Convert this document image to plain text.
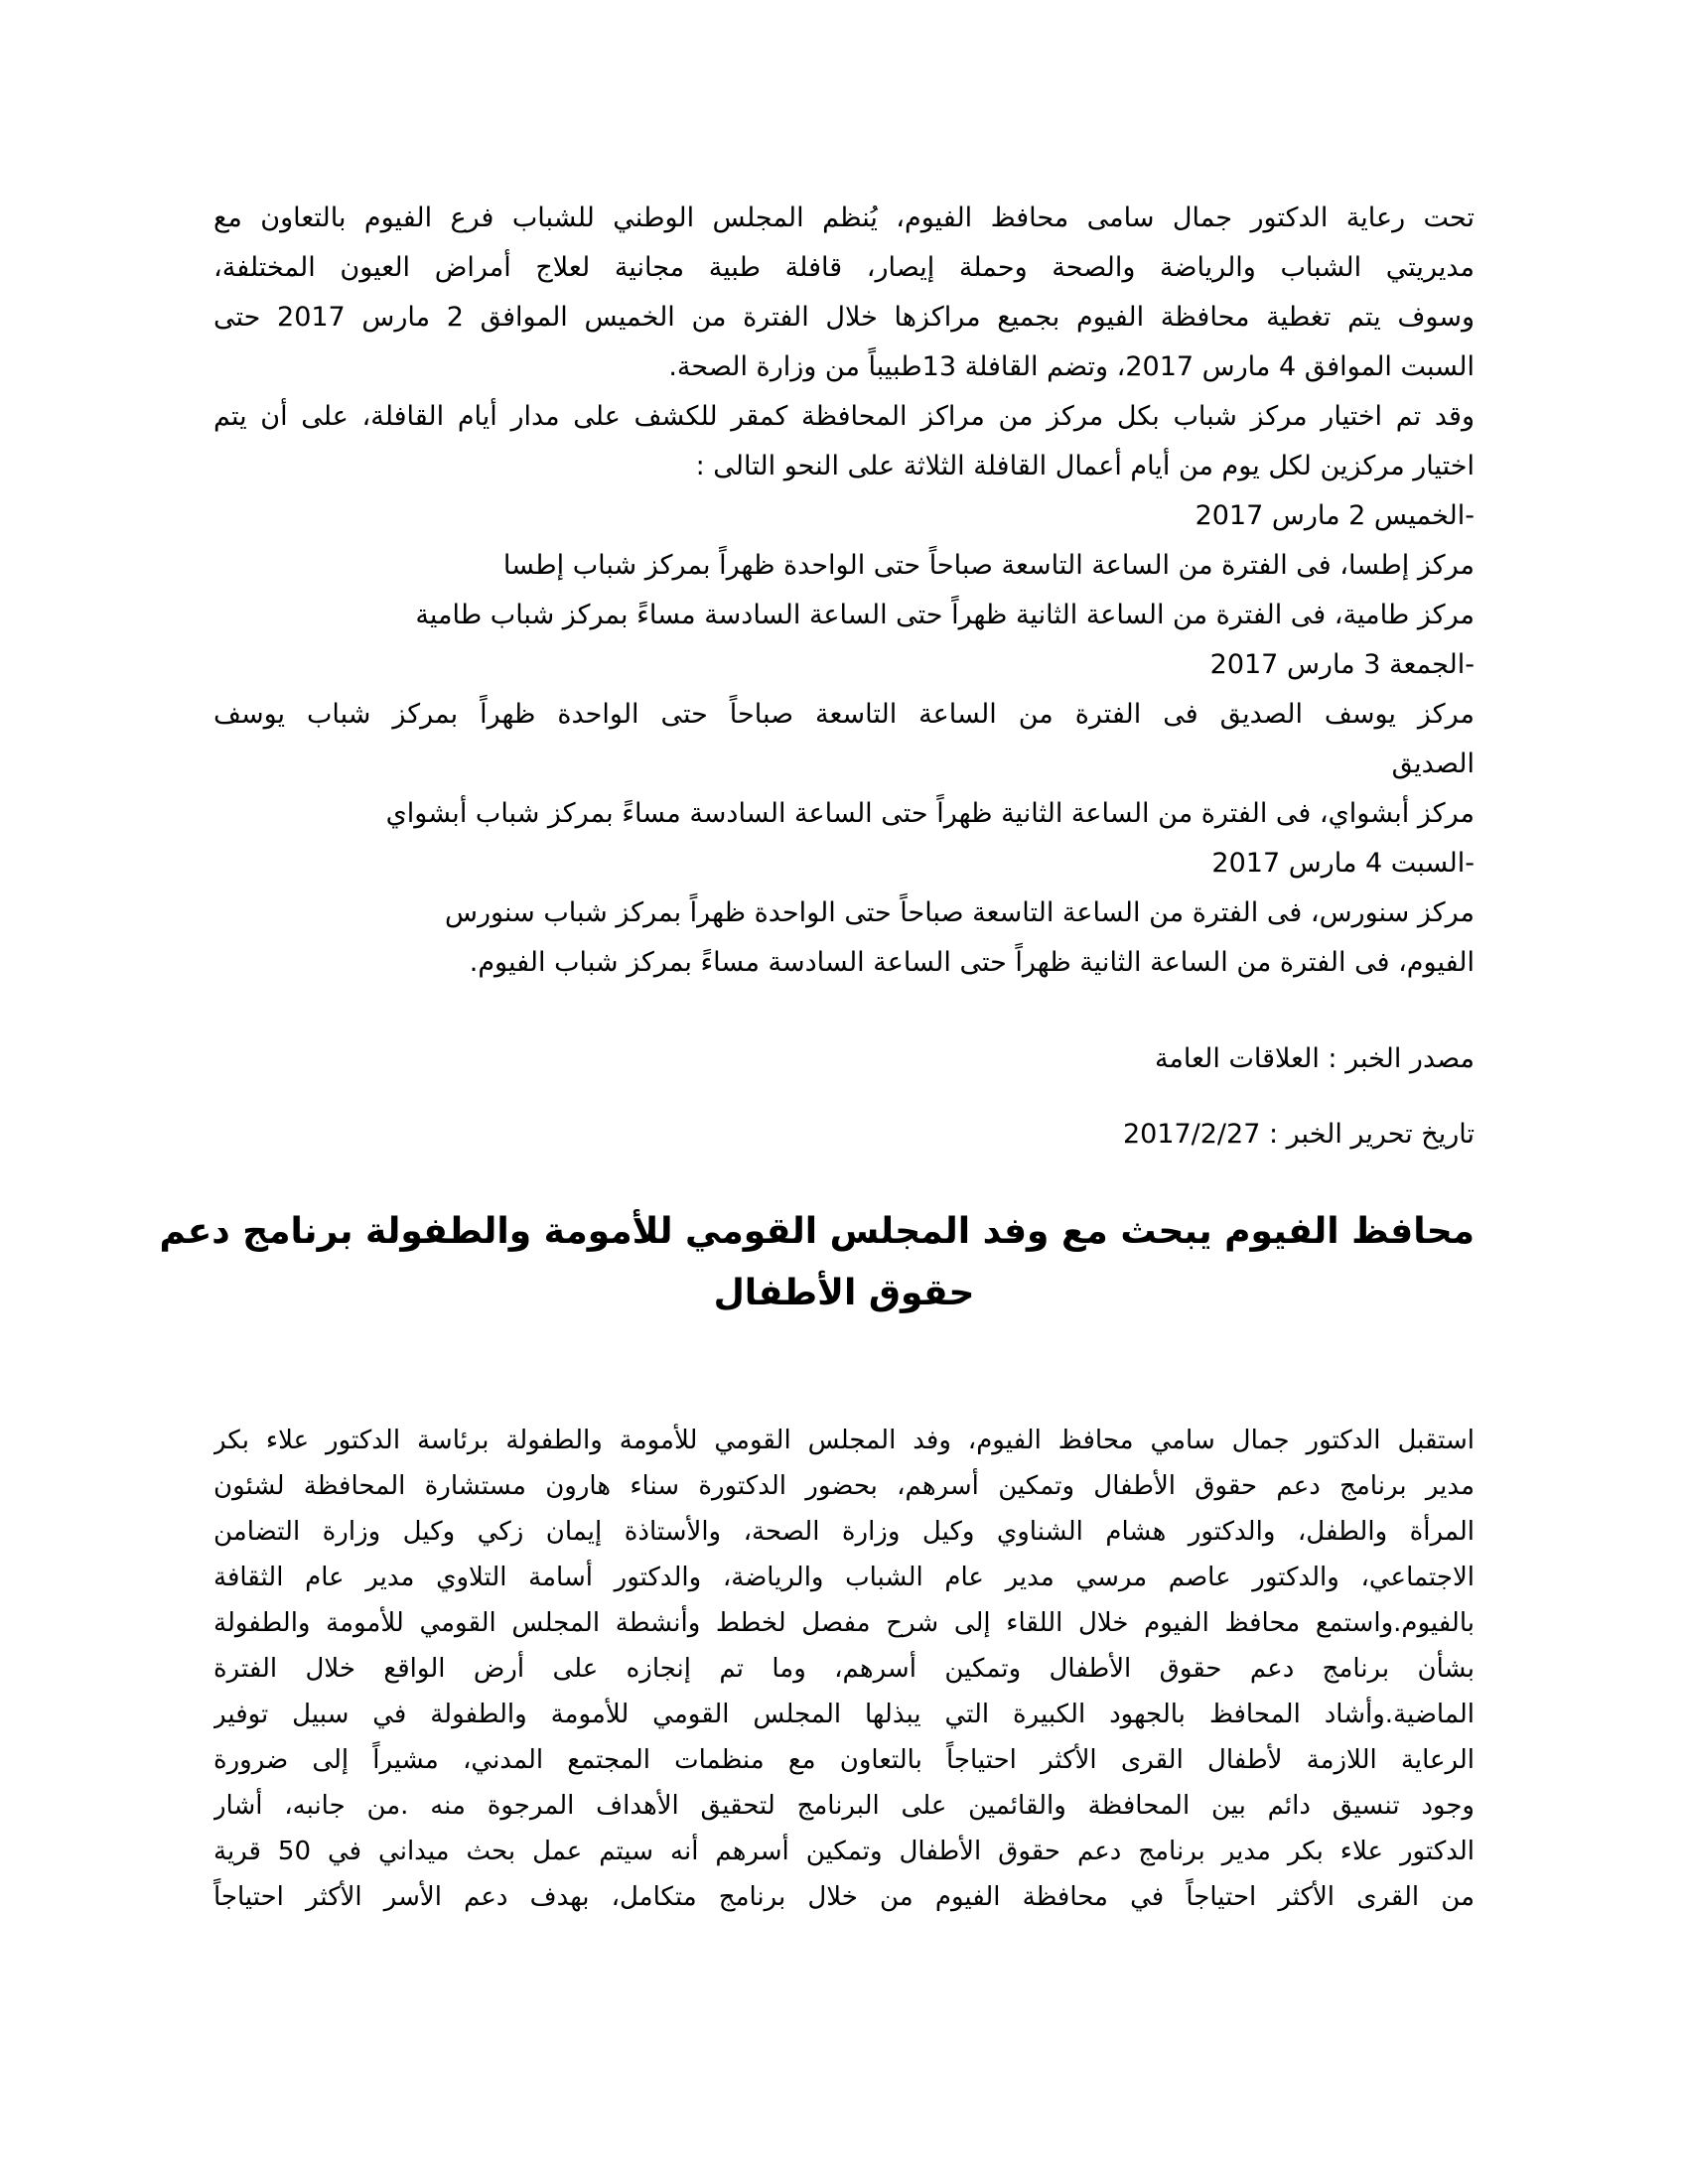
تحت رعاية الدكتور جمال سامى محافظ الفيوم، يُنظم المجلس الوطني للشباب فرع الفيوم بالتعاون مع
مديريتي الشباب والرياضة والصحة وحملة إيصار، قافلة طبية مجانية لعلاج أمراض العيون المختلفة،
وسوف يتم تغطية محافظة الفيوم بجميع مراكزها خلال الفترة من الخميس الموافق 2 مارس 2017 حتى
السبت الموافق 4 مارس 2017، وتضم القافلة 13طبيباً من وزارة الصحة.
وقد تم اختيار مركز شباب بكل مركز من مراكز المحافظة كمقر للكشف على مدار أيام القافلة، على أن يتم
اختيار مركزين لكل يوم من أيام أعمال القافلة الثلاثة على النحو التالى :
-الخميس 2 مارس 2017
مركز إطسا، فى الفترة من الساعة التاسعة صباحاً حتى الواحدة ظهراً بمركز شباب إطسا
مركز طامية، فى الفترة من الساعة الثانية ظهراً حتى الساعة السادسة مساءً بمركز شباب طامية
-الجمعة 3 مارس 2017
مركز يوسف الصديق فى الفترة من الساعة التاسعة صباحاً حتى الواحدة ظهراً بمركز شباب يوسف
الصديق
مركز أبشواي، فى الفترة من الساعة الثانية ظهراً حتى الساعة السادسة مساءً بمركز شباب أبشواي
-السبت 4 مارس 2017
مركز سنورس، فى الفترة من الساعة التاسعة صباحاً حتى الواحدة ظهراً بمركز شباب سنورس
الفيوم، فى الفترة من الساعة الثانية ظهراً حتى الساعة السادسة مساءً بمركز شباب الفيوم.
مصدر الخبر : العلاقات العامة
تاريخ تحرير الخبر : 2017/2/27
محافظ الفيوم يبحث مع وفد المجلس القومي للأمومة والطفولة برنامج دعم
حقوق الأطفال
استقبل الدكتور جمال سامي محافظ الفيوم، وفد المجلس القومي للأمومة والطفولة برئاسة الدكتور علاء بكر
مدير برنامج دعم حقوق الأطفال وتمكين أسرهم، بحضور الدكتورة سناء هارون مستشارة المحافظة لشئون
المرأة والطفل، والدكتور هشام الشناوي وكيل وزارة الصحة، والأستاذة إيمان زكي وكيل وزارة التضامن
الاجتماعي، والدكتور عاصم مرسي مدير عام الشباب والرياضة، والدكتور أسامة التلاوي مدير عام الثقافة
بالفيوم.واستمع محافظ الفيوم خلال اللقاء إلى شرح مفصل لخطط وأنشطة المجلس القومي للأمومة والطفولة
بشأن برنامج دعم حقوق الأطفال وتمكين أسرهم، وما تم إنجازه على أرض الواقع خلال الفترة
الماضية.وأشاد المحافظ بالجهود الكبيرة التي يبذلها المجلس القومي للأمومة والطفولة في سبيل توفير
الرعاية اللازمة لأطفال القرى الأكثر احتياجاً بالتعاون مع منظمات المجتمع المدني، مشيراً إلى ضرورة
وجود تنسيق دائم بين المحافظة والقائمين على البرنامج لتحقيق الأهداف المرجوة منه .من جانبه، أشار
الدكتور علاء بكر مدير برنامج دعم حقوق الأطفال وتمكين أسرهم أنه سيتم عمل بحث ميداني في 50 قرية
من القرى الأكثر احتياجاً في محافظة الفيوم من خلال برنامج متكامل، بهدف دعم الأسر الأكثر احتياجاً
